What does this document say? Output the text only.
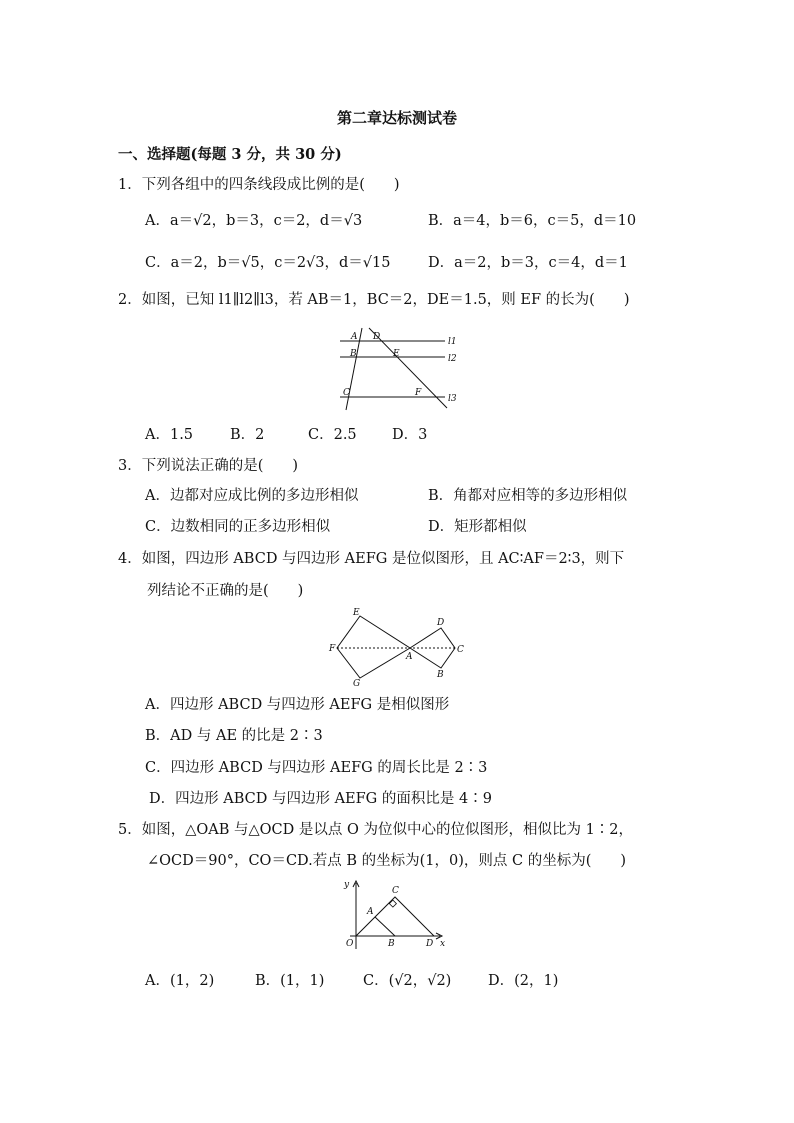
第二章达标测试卷
一、选择题(每题 3 分，共 30 分)
1．下列各组中的四条线段成比例的是(　　)
A．a＝√2，b＝3，c＝2，d＝√3	B．a＝4，b＝6，c＝5，d＝10
C．a＝2，b＝√5，c＝2√3，d＝√15	D．a＝2，b＝3，c＝4，d＝1
2．如图，已知 l1∥l2∥l3，若 AB＝1，BC＝2，DE＝1.5，则 EF 的长为(　　)
A D
B	E
C	F
l1
l2
l3
A．1.5	B．2	C．2.5 D．3
3．下列说法正确的是(　　)
A．边都对应成比例的多边形相似	B．角都对应相等的多边形相似
C．边数相同的正多边形相似	D．矩形都相似
4．如图，四边形 ABCD 与四边形 AEFG 是位似图形，且 AC∶AF＝2∶3，则下
列结论不正确的是(　　)
E
F
G
A
D
C
B
A．四边形 ABCD 与四边形 AEFG 是相似图形
B．AD 与 AE 的比是 2∶3
C．四边形 ABCD 与四边形 AEFG 的周长比是 2∶3
D．四边形 ABCD 与四边形 AEFG 的面积比是 4∶9
5．如图，△OAB 与△OCD 是以点 O 为位似中心的位似图形，相似比为 1∶2，
∠OCD＝90°，CO＝CD.若点 B 的坐标为(1，0)，则点 C 的坐标为(　　)
y
x
O
A
B
C
D
A．(1，2)	B．(1，1)	C．(√2，√2)	D．(2，1)
